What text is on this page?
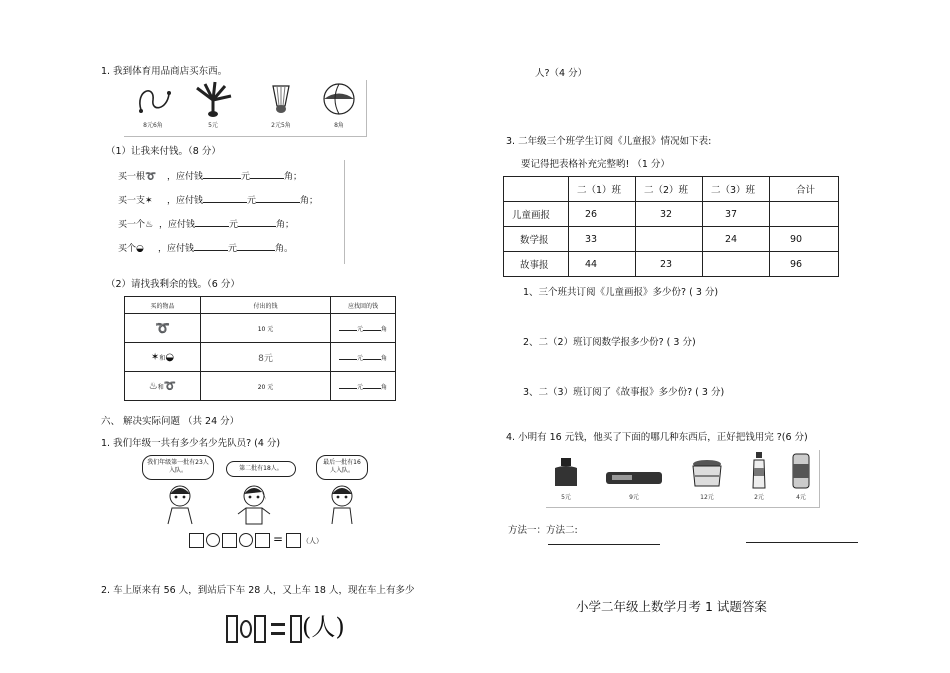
1. 我到体育用品商店买东西。
8元6角	5元	2元5角	8角
（1）让我来付钱。（8 分）
买一根➰ ，应付钱	元	角；
买一支✶ ，应付钱	元	角；
买一个♨ ，应付钱	元	角；
买个◒ ，应付钱	元	角。
（2）请找我剩余的钱。（6 分）
买的物品	付出的钱	应找回的钱
➰	10 元	元 角
✶和◒	8元	元 角
♨和➰	20 元	元 角
六、 解决实际问题 （共 24 分）
1. 我们年级一共有多少名少先队员? (4 分)
我们年级第一批有23人入队。	第二批有18人。
最后一批有16人入队。
=	（人）
2. 车上原来有 56 人，到站后下车 28 人，又上车 18 人，现在车上有多少
(人)
人?（4 分）
3. 二年级三个班学生订阅《儿童报》情况如下表:
要记得把表格补充完整哟! （1 分）
	二（1）班	二（2）班	二（3）班	合计
儿童画报	26	32	37	
数学报	33		24	90
故事报	44	23		96
1、三个班共订阅《儿童画报》多少份? ( 3 分)
2、二（2）班订阅数学报多少份? ( 3 分)
3、二（3）班订阅了《故事报》多少份? ( 3 分)
4. 小明有 16 元钱，他买了下面的哪几种东西后，正好把钱用完 ?(6 分)
5元	9元	12元	2元	4元
方法一：方法二:
小学二年级上数学月考 1 试题答案
